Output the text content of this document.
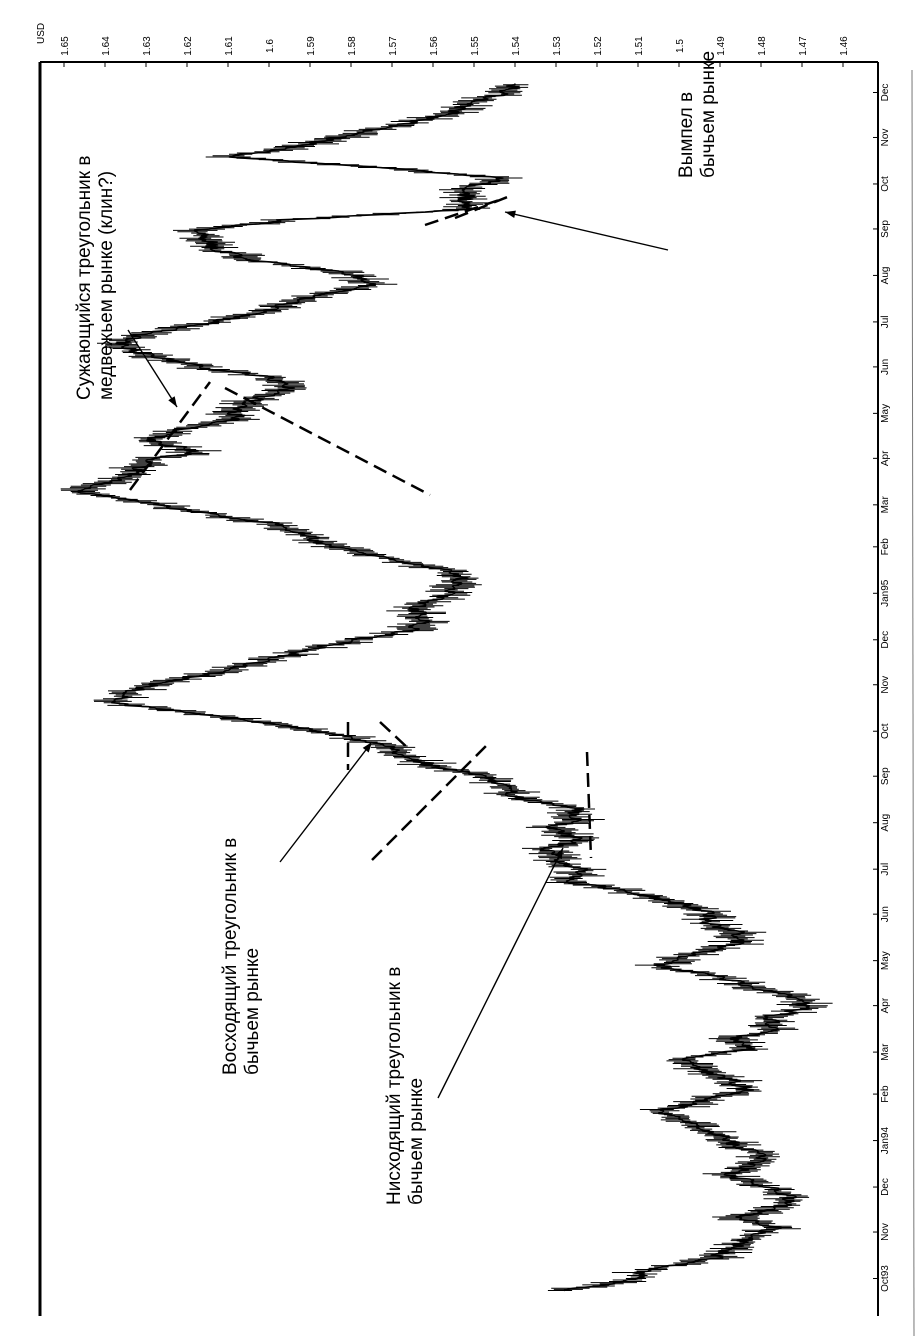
USD
1.65	1.64	1.63	1.62	1.61	1.6	1.59	1.58	1.57	1.56	1.55	1.54	1.53	1.52	1.51	1.5	1.49	1.48	1.47	1.46
Oct93
Nov
Dec
Jan94
Feb
Mar
Apr
May
Jun
Jul
Aug
Sep
Oct
Nov
Dec
Jan95
Feb
Mar
Apr
May
Jun
Jul
Aug
Sep
Oct
Nov
Dec
Сужающийся треугольник в медвежьем рынке (клин?)
Вымпел в бычьем рынке
Восходящий треугольник в бычьем рынке	Нисходящий треугольник в бычьем рынке
